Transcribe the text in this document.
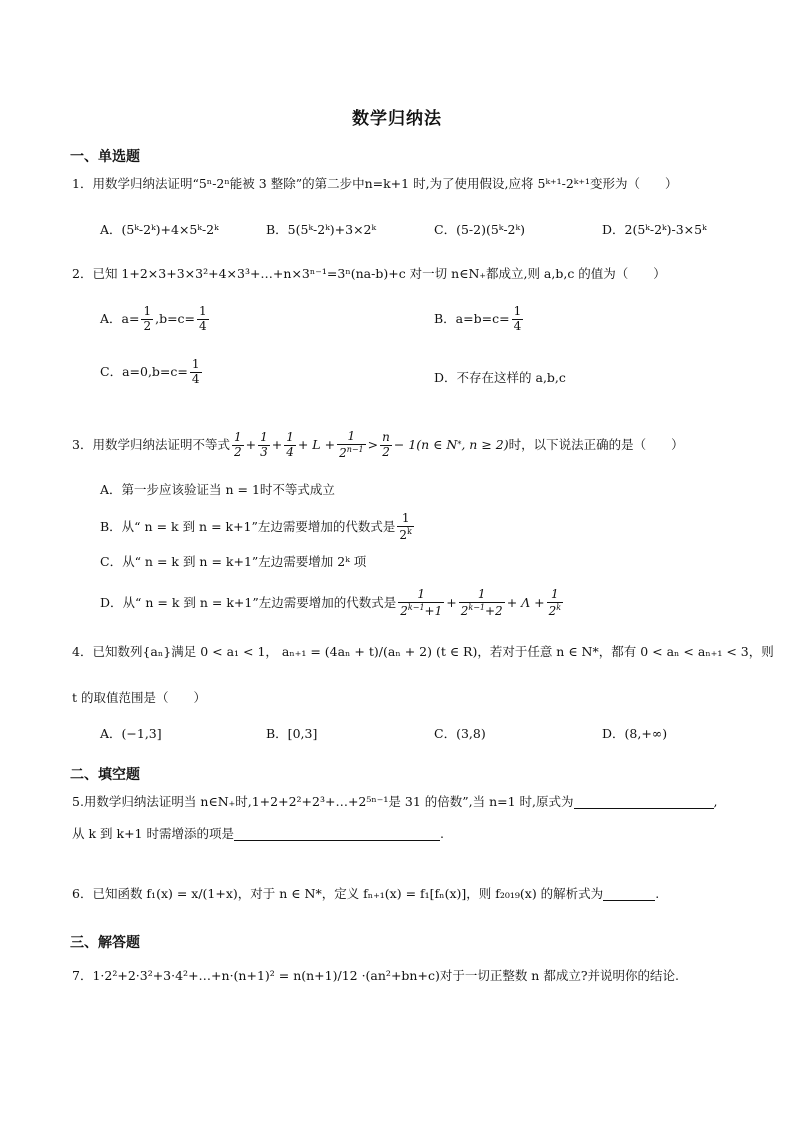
数学归纳法
一、单选题
1．用数学归纳法证明“5ⁿ-2ⁿ能被 3 整除”的第二步中n=k+1 时,为了使用假设,应将 5ᵏ⁺¹-2ᵏ⁺¹变形为（　　）
A．(5ᵏ-2ᵏ)+4×5ᵏ-2ᵏ	B．5(5ᵏ-2ᵏ)+3×2ᵏ	C．(5-2)(5ᵏ-2ᵏ)	D．2(5ᵏ-2ᵏ)-3×5ᵏ
2．已知 1+2×3+3×3²+4×3³+…+n×3ⁿ⁻¹=3ⁿ(na-b)+c 对一切 n∈N₊都成立,则 a,b,c 的值为（　　）
A．$a= \frac{1}{2} ,b=c= \frac{1}{4}$	B．$a=b=c= \frac{1}{4}$
C．$a=0,b=c= \frac{1}{4}$	D．不存在这样的 a,b,c
3．用数学归纳法证明不等式 $\frac{1}{2} + \frac{1}{3} + \frac{1}{4} + L + \frac{1}{2^{n-1}} > \frac{n}{2} - 1(n$ ∈ N * , n ≥ 2) 时，以下说法正确的是（　　）
A．第一步应该验证当 n = 1时不等式成立
B．从“ n = k 到 n = k+1”左边需要增加的代数式是 $\frac{1}{2^k}$
C．从“ n = k 到 n = k+1”左边需要增加 2ᵏ 项
D．从“ n = k 到 n = k+1”左边需要增加的代数式是 $\frac{1}{2^{k-1}+1} + \frac{1}{2^{k-1}+2} + \Lambda + \frac{1}{2^k}$
4．已知数列{aₙ}满足 0 < a₁ < 1， aₙ₊₁ = (4aₙ + t)/(aₙ + 2) (t ∈ R)，若对于任意 n ∈ N*，都有 0 < aₙ < aₙ₊₁ < 3，则
t 的取值范围是（　　）
A．(−1,3]	B．[0,3]	C．(3,8)	D．(8,+∞)
二、填空题
5.用数学归纳法证明当 n∈N₊时,1+2+2²+2³+…+2⁵ⁿ⁻¹是 31 的倍数”,当 n=1 时,原式为	,
从 k 到 k+1 时需增添的项是	.
6．已知函数 f₁(x) = x/(1+x)，对于 n ∈ N*，定义 fₙ₊₁(x) = f₁[fₙ(x)]，则 f₂₀₁₉(x) 的解析式为	.
三、解答题
7．1·2²+2·3²+3·4²+…+n·(n+1)² = n(n+1)/12 ·(an²+bn+c)对于一切正整数 n 都成立?并说明你的结论.
